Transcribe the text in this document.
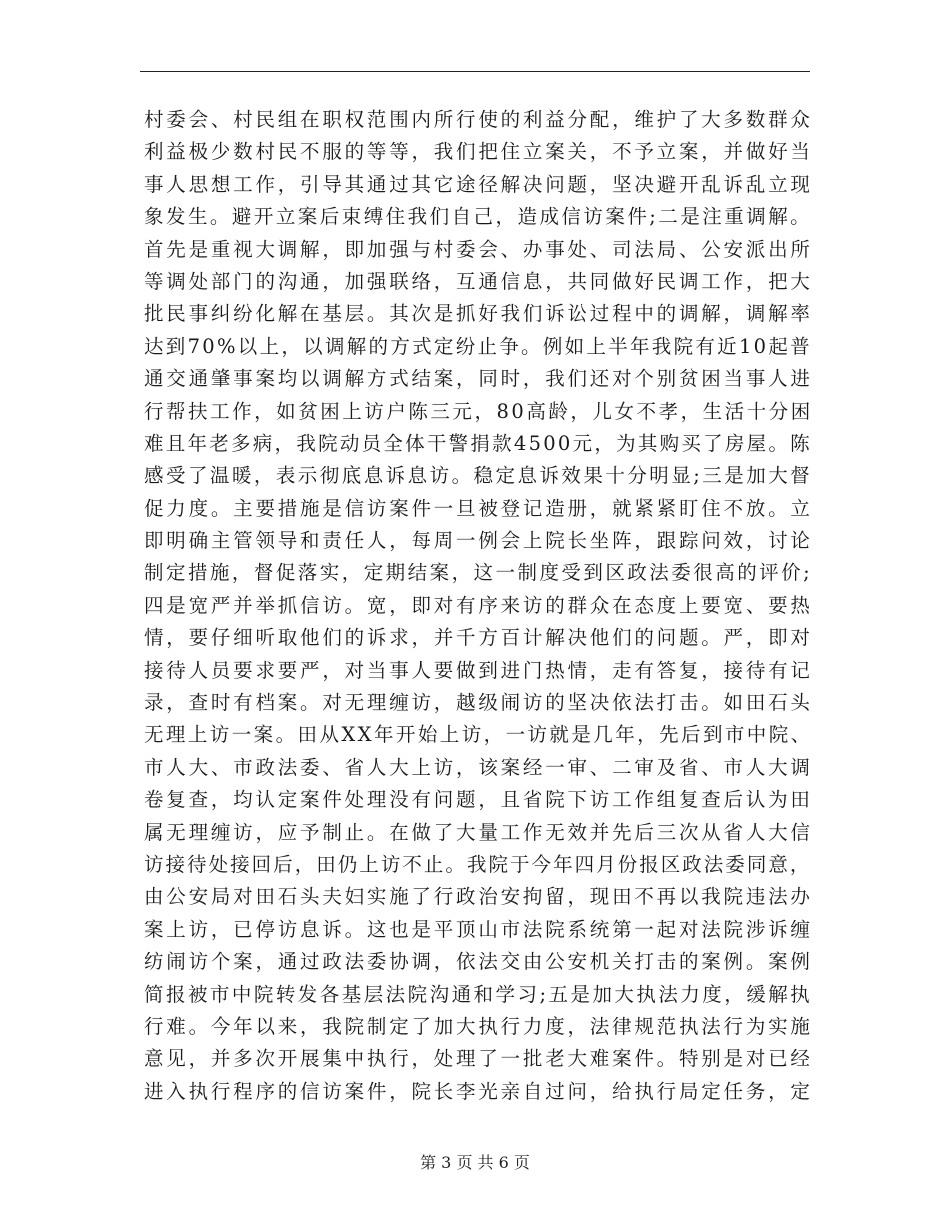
村委会、村民组在职权范围内所行使的利益分配，维护了大多数群众
利益极少数村民不服的等等，我们把住立案关，不予立案，并做好当
事人思想工作，引导其通过其它途径解决问题，坚决避开乱诉乱立现
象发生。避开立案后束缚住我们自己，造成信访案件;二是注重调解。
首先是重视大调解，即加强与村委会、办事处、司法局、公安派出所
等调处部门的沟通，加强联络，互通信息，共同做好民调工作，把大
批民事纠纷化解在基层。其次是抓好我们诉讼过程中的调解，调解率
达到70%以上，以调解的方式定纷止争。例如上半年我院有近10起普
通交通肇事案均以调解方式结案，同时，我们还对个别贫困当事人进
行帮扶工作，如贫困上访户陈三元，80高龄，儿女不孝，生活十分困
难且年老多病，我院动员全体干警捐款4500元，为其购买了房屋。陈
感受了温暖，表示彻底息诉息访。稳定息诉效果十分明显;三是加大督
促力度。主要措施是信访案件一旦被登记造册，就紧紧盯住不放。立
即明确主管领导和责任人，每周一例会上院长坐阵，跟踪问效，讨论
制定措施，督促落实，定期结案，这一制度受到区政法委很高的评价;
四是宽严并举抓信访。宽，即对有序来访的群众在态度上要宽、要热
情，要仔细听取他们的诉求，并千方百计解决他们的问题。严，即对
接待人员要求要严，对当事人要做到进门热情，走有答复，接待有记
录，查时有档案。对无理缠访，越级闹访的坚决依法打击。如田石头
无理上访一案。田从XX年开始上访，一访就是几年，先后到市中院、
市人大、市政法委、省人大上访，该案经一审、二审及省、市人大调
卷复查，均认定案件处理没有问题，且省院下访工作组复查后认为田
属无理缠访，应予制止。在做了大量工作无效并先后三次从省人大信
访接待处接回后，田仍上访不止。我院于今年四月份报区政法委同意，
由公安局对田石头夫妇实施了行政治安拘留，现田不再以我院违法办
案上访，已停访息诉。这也是平顶山市法院系统第一起对法院涉诉缠
纺闹访个案，通过政法委协调，依法交由公安机关打击的案例。案例
简报被市中院转发各基层法院沟通和学习;五是加大执法力度，缓解执
行难。今年以来，我院制定了加大执行力度，法律规范执法行为实施
意见，并多次开展集中执行，处理了一批老大难案件。特别是对已经
进入执行程序的信访案件，院长李光亲自过问，给执行局定任务，定
第 3 页 共 6 页
